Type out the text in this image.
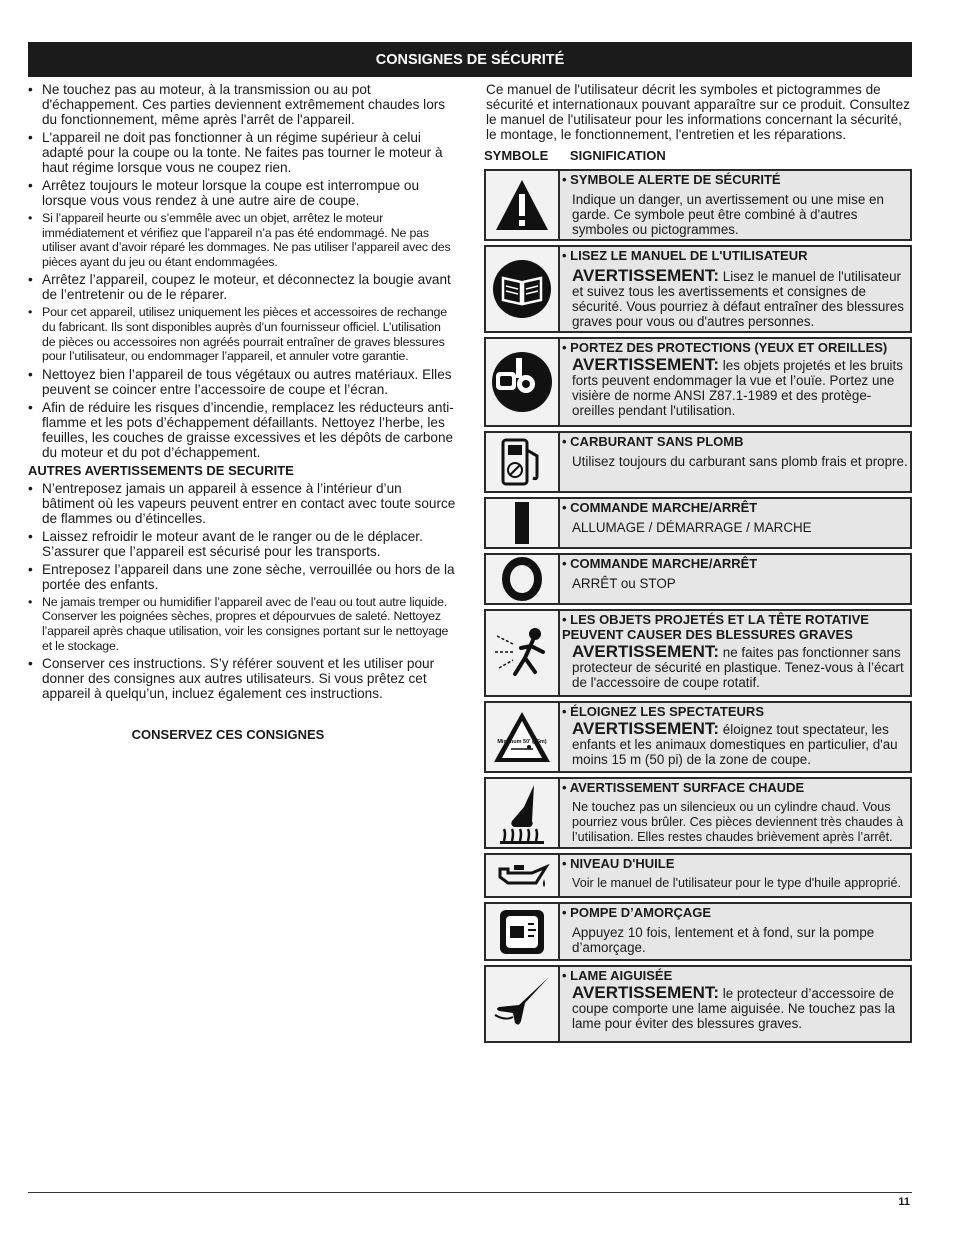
CONSIGNES DE SÉCURITÉ
• Ne touchez pas au moteur, à la transmission ou au pot d'échappement. Ces parties deviennent extrêmement chaudes lors du fonctionnement, même après l'arrêt de l'appareil.
• L'appareil ne doit pas fonctionner à un régime supérieur à celui adapté pour la coupe ou la tonte. Ne faites pas tourner le moteur à haut régime lorsque vous ne coupez rien.
• Arrêtez toujours le moteur lorsque la coupe est interrompue ou lorsque vous vous rendez à une autre aire de coupe.
• Si l’appareil heurte ou s’emmêle avec un objet, arrêtez le moteur immédiatement et vérifiez que l’appareil n’a pas été endommagé. Ne pas utiliser avant d’avoir réparé les dommages. Ne pas utiliser l’appareil avec des pièces ayant du jeu ou étant endommagées.
• Arrêtez l’appareil, coupez le moteur, et déconnectez la bougie avant de l’entretenir ou de le réparer.
• Pour cet appareil, utilisez uniquement les pièces et accessoires de rechange du fabricant. Ils sont disponibles auprès d’un fournisseur officiel. L’utilisation de pièces ou accessoires non agréés pourrait entraîner de graves blessures pour l’utilisateur, ou endommager l’appareil, et annuler votre garantie.
• Nettoyez bien l’appareil de tous végétaux ou autres matériaux. Elles peuvent se coincer entre l’accessoire de coupe et l’écran.
• Afin de réduire les risques d’incendie, remplacez les réducteurs anti-flamme et les pots d’échappement défaillants. Nettoyez l’herbe, les feuilles, les couches de graisse excessives et les dépôts de carbone du moteur et du pot d’échappement.
AUTRES AVERTISSEMENTS DE SECURITE
• N’entreposez jamais un appareil à essence à l’intérieur d’un bâtiment où les vapeurs peuvent entrer en contact avec toute source de flammes ou d’étincelles.
• Laissez refroidir le moteur avant de le ranger ou de le déplacer. S’assurer que l’appareil est sécurisé pour les transports.
• Entreposez l’appareil dans une zone sèche, verrouillée ou hors de la portée des enfants.
• Ne jamais tremper ou humidifier l’appareil avec de l’eau ou tout autre liquide. Conserver les poignées sèches, propres et dépourvues de saleté. Nettoyez l’appareil après chaque utilisation, voir les consignes portant sur le nettoyage et le stockage.
• Conserver ces instructions. S’y référer souvent et les utiliser pour donner des consignes aux autres utilisateurs. Si vous prêtez cet appareil à quelqu’un, incluez également ces instructions.
CONSERVEZ CES CONSIGNES
Ce manuel de l'utilisateur décrit les symboles et pictogrammes de sécurité et internationaux pouvant apparaître sur ce produit. Consultez le manuel de l'utilisateur pour les informations concernant la sécurité, le montage, le fonctionnement, l'entretien et les réparations.
SYMBOLE SIGNIFICATION
• SYMBOLE ALERTE DE SÉCURITÉ
Indique un danger, un avertissement ou une mise en garde. Ce symbole peut être combiné à d'autres symboles ou pictogrammes.
• LISEZ LE MANUEL DE L'UTILISATEUR
AVERTISSEMENT: Lisez le manuel de l'utilisateur et suivez tous les avertissements et consignes de sécurité. Vous pourriez à défaut entraîner des blessures graves pour vous ou d'autres personnes.
• PORTEZ DES PROTECTIONS (YEUX ET OREILLES)
AVERTISSEMENT: les objets projetés et les bruits forts peuvent endommager la vue et l’ouïe. Portez une visière de norme ANSI Z87.1-1989 et des protège-oreilles pendant l'utilisation.
• CARBURANT SANS PLOMB
Utilisez toujours du carburant sans plomb frais et propre.
• COMMANDE MARCHE/ARRÊT
ALLUMAGE / DÉMARRAGE / MARCHE
• COMMANDE MARCHE/ARRÊT
ARRÊT ou STOP
• LES OBJETS PROJETÉS ET LA TÊTE ROTATIVE PEUVENT CAUSER DES BLESSURES GRAVES
AVERTISSEMENT: ne faites pas fonctionner sans protecteur de sécurité en plastique. Tenez-vous à l’écart de l'accessoire de coupe rotatif.
Minimum 50' (15m)
• ÉLOIGNEZ LES SPECTATEURS
AVERTISSEMENT: éloignez tout spectateur, les enfants et les animaux domestiques en particulier, d'au moins 15 m (50 pi) de la zone de coupe.
• AVERTISSEMENT SURFACE CHAUDE
Ne touchez pas un silencieux ou un cylindre chaud. Vous pourriez vous brûler. Ces pièces deviennent très chaudes à l’utilisation. Elles restes chaudes brièvement après l’arrêt.
• NIVEAU D'HUILE
Voir le manuel de l'utilisateur pour le type d'huile approprié.
• POMPE D’AMORÇAGE
Appuyez 10 fois, lentement et à fond, sur la pompe d’amorçage.
• LAME AIGUISÉE
AVERTISSEMENT: le protecteur d’accessoire de coupe comporte une lame aiguisée. Ne touchez pas la lame pour éviter des blessures graves.
11
